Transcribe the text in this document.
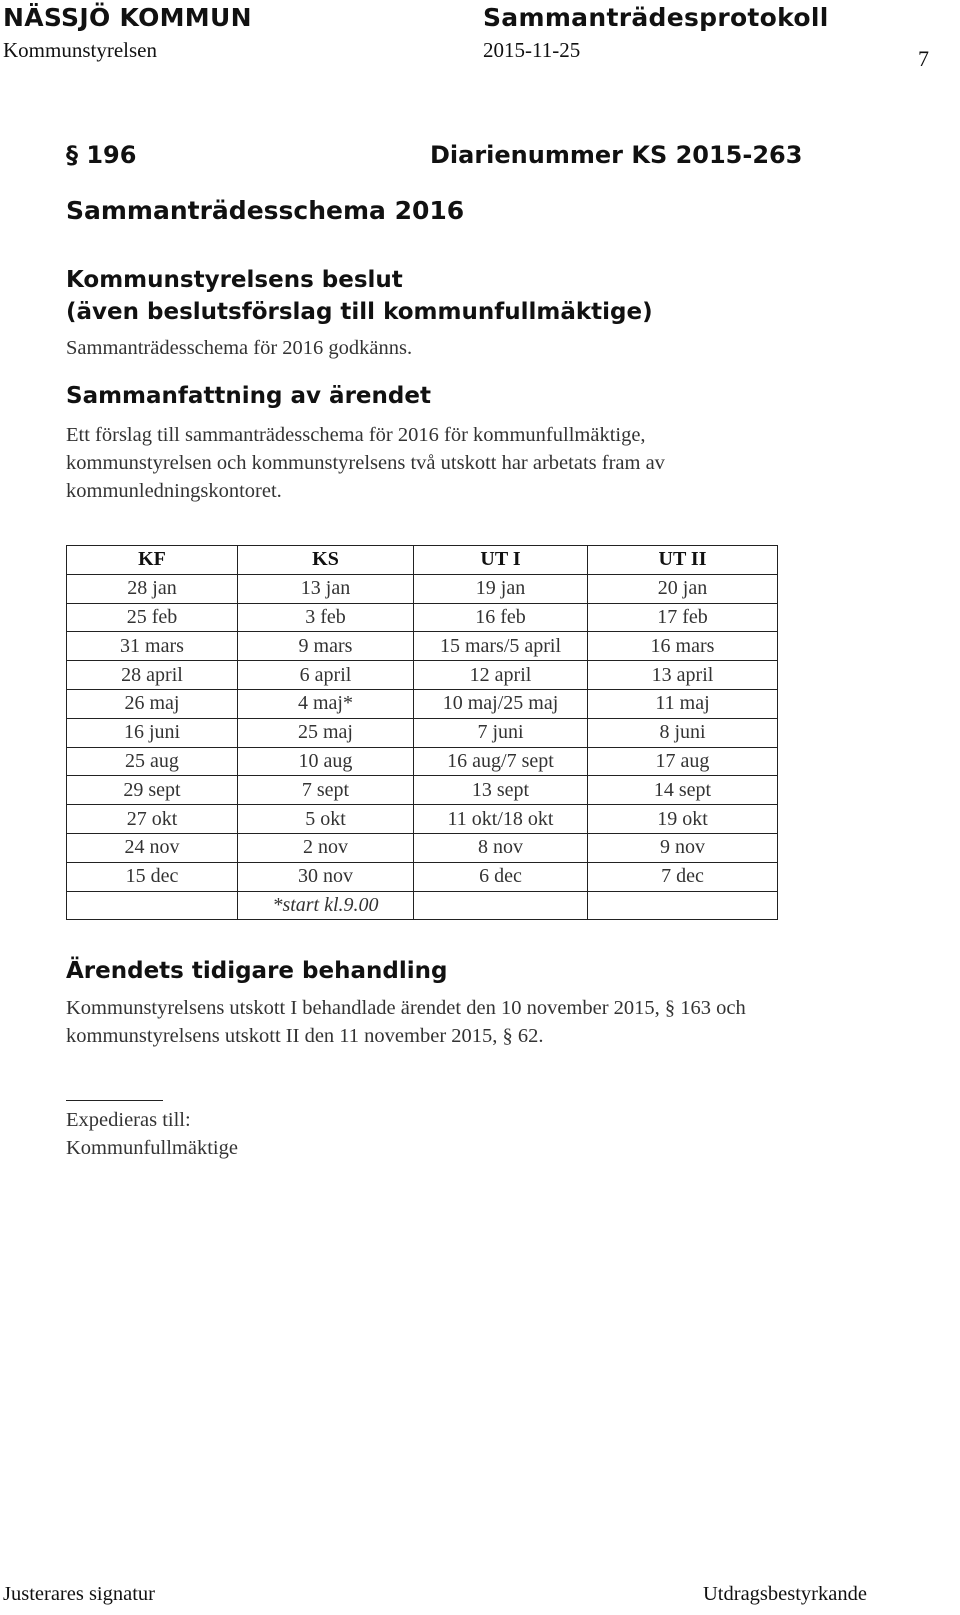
NÄSSJÖ KOMMUN	Sammanträdesprotokoll
Kommunstyrelsen	2015-11-25	7
§ 196	Diarienummer KS 2015-263
Sammanträdesschema 2016
Kommunstyrelsens beslut
(även beslutsförslag till kommunfullmäktige)
Sammanträdesschema för 2016 godkänns.
Sammanfattning av ärendet
Ett förslag till sammanträdesschema för 2016 för kommunfullmäktige,
kommunstyrelsen och kommunstyrelsens två utskott har arbetats fram av
kommunledningskontoret.
KF	KS	UT I	UT II
28 jan	13 jan	19 jan	20 jan
25 feb	3 feb	16 feb	17 feb
31 mars	9 mars	15 mars/5 april	16 mars
28 april	6 april	12 april	13 april
26 maj	4 maj*	10 maj/25 maj	11 maj
16 juni	25 maj	7 juni	8 juni
25 aug	10 aug	16 aug/7 sept	17 aug
29 sept	7 sept	13 sept	14 sept
27 okt	5 okt	11 okt/18 okt	19 okt
24 nov	2 nov	8 nov	9 nov
15 dec	30 nov	6 dec	7 dec
	*start kl.9.00		
Ärendets tidigare behandling
Kommunstyrelsens utskott I behandlade ärendet den 10 november 2015, § 163 och
kommunstyrelsens utskott II den 11 november 2015, § 62.
Expedieras till:
Kommunfullmäktige
Justerares signatur	Utdragsbestyrkande
